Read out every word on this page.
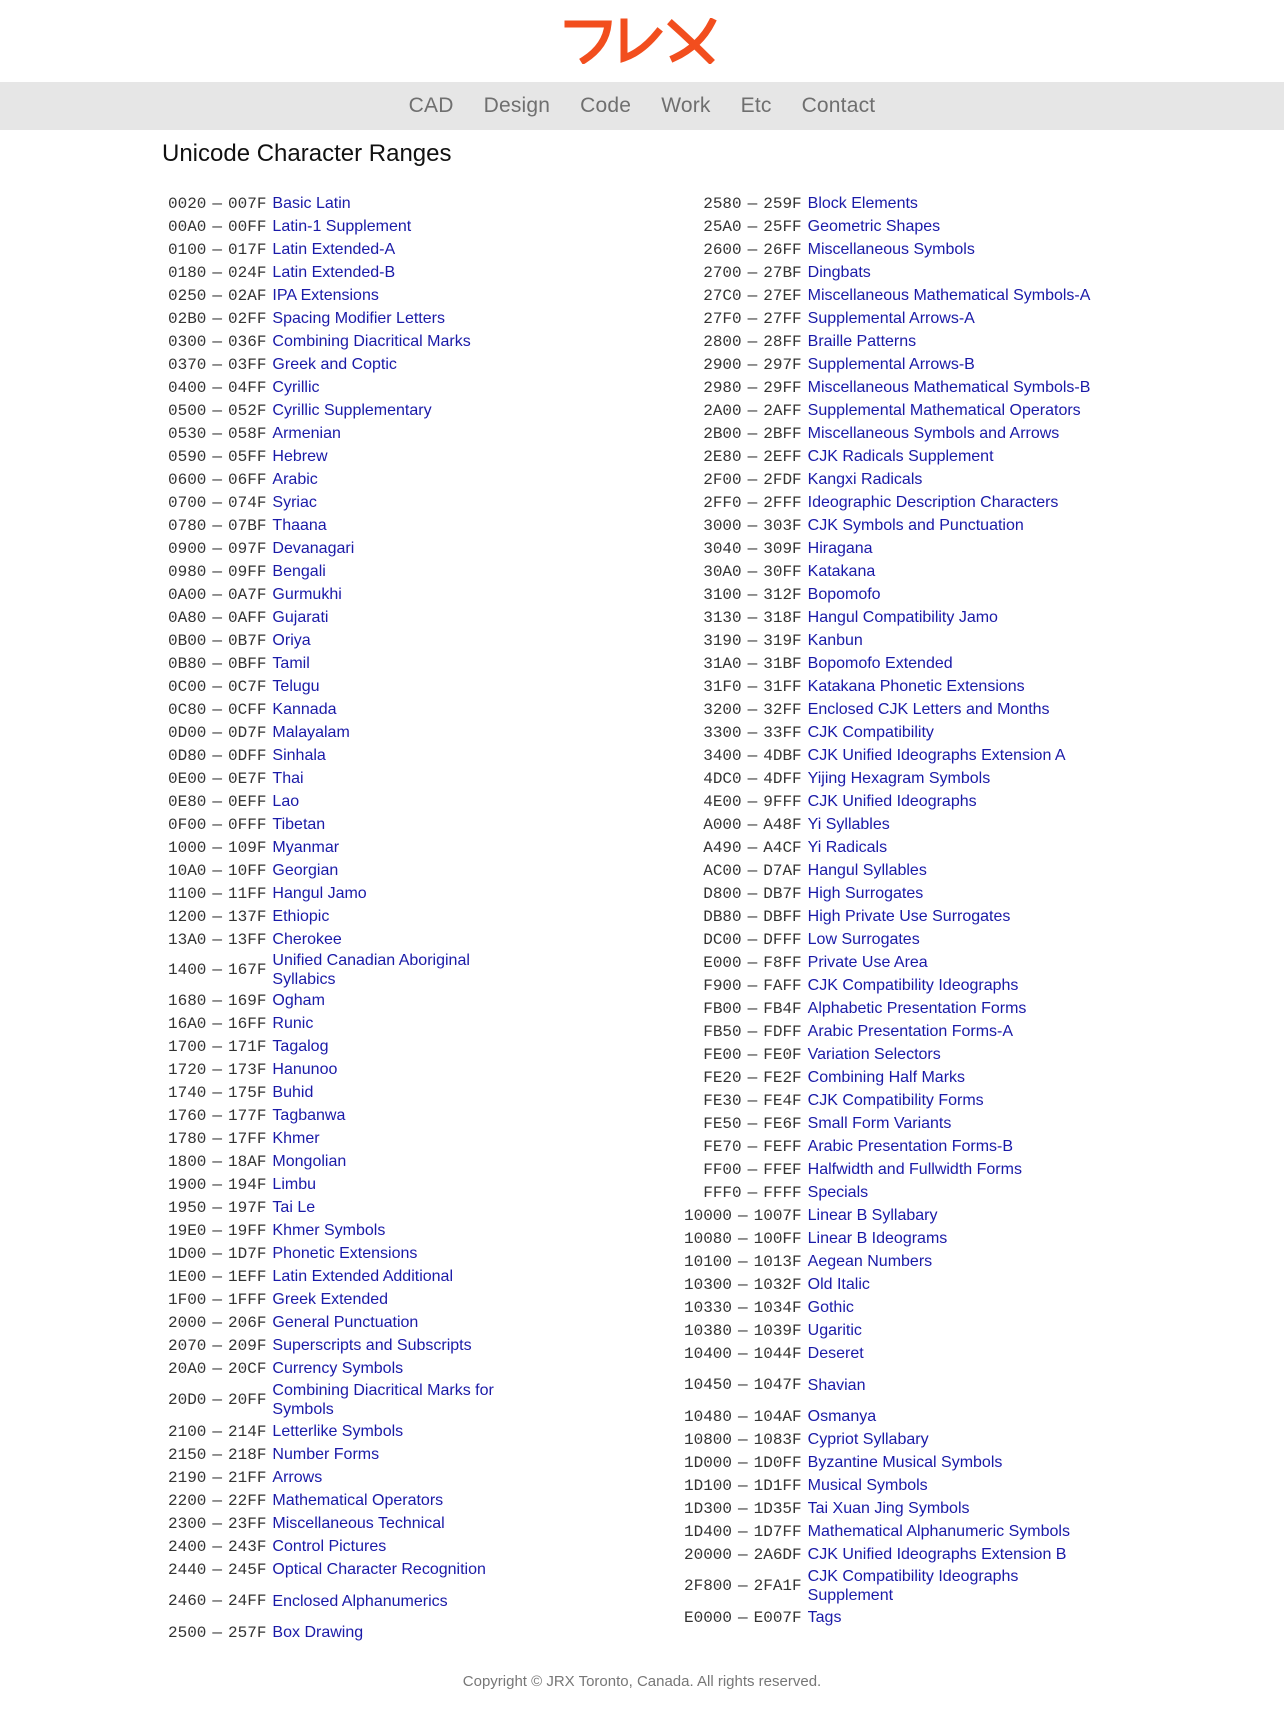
CAD Design Code Work Etc Contact
Unicode Character Ranges
0020 — 007F	Basic Latin
00A0 — 00FF	Latin-1 Supplement
0100 — 017F	Latin Extended-A
0180 — 024F	Latin Extended-B
0250 — 02AF	IPA Extensions
02B0 — 02FF	Spacing Modifier Letters
0300 — 036F	Combining Diacritical Marks
0370 — 03FF	Greek and Coptic
0400 — 04FF	Cyrillic
0500 — 052F	Cyrillic Supplementary
0530 — 058F	Armenian
0590 — 05FF	Hebrew
0600 — 06FF	Arabic
0700 — 074F	Syriac
0780 — 07BF	Thaana
0900 — 097F	Devanagari
0980 — 09FF	Bengali
0A00 — 0A7F	Gurmukhi
0A80 — 0AFF	Gujarati
0B00 — 0B7F	Oriya
0B80 — 0BFF	Tamil
0C00 — 0C7F	Telugu
0C80 — 0CFF	Kannada
0D00 — 0D7F	Malayalam
0D80 — 0DFF	Sinhala
0E00 — 0E7F	Thai
0E80 — 0EFF	Lao
0F00 — 0FFF	Tibetan
1000 — 109F	Myanmar
10A0 — 10FF	Georgian
1100 — 11FF	Hangul Jamo
1200 — 137F	Ethiopic
13A0 — 13FF	Cherokee
1400 — 167F	Unified Canadian Aboriginal Syllabics
1680 — 169F	Ogham
16A0 — 16FF	Runic
1700 — 171F	Tagalog
1720 — 173F	Hanunoo
1740 — 175F	Buhid
1760 — 177F	Tagbanwa
1780 — 17FF	Khmer
1800 — 18AF	Mongolian
1900 — 194F	Limbu
1950 — 197F	Tai Le
19E0 — 19FF	Khmer Symbols
1D00 — 1D7F	Phonetic Extensions
1E00 — 1EFF	Latin Extended Additional
1F00 — 1FFF	Greek Extended
2000 — 206F	General Punctuation
2070 — 209F	Superscripts and Subscripts
20A0 — 20CF	Currency Symbols
20D0 — 20FF	Combining Diacritical Marks for Symbols
2100 — 214F	Letterlike Symbols
2150 — 218F	Number Forms
2190 — 21FF	Arrows
2200 — 22FF	Mathematical Operators
2300 — 23FF	Miscellaneous Technical
2400 — 243F	Control Pictures
2440 — 245F	Optical Character Recognition
2460 — 24FF	Enclosed Alphanumerics
2500 — 257F	Box Drawing
2580 — 259F	Block Elements
25A0 — 25FF	Geometric Shapes
2600 — 26FF	Miscellaneous Symbols
2700 — 27BF	Dingbats
27C0 — 27EF	Miscellaneous Mathematical Symbols-A
27F0 — 27FF	Supplemental Arrows-A
2800 — 28FF	Braille Patterns
2900 — 297F	Supplemental Arrows-B
2980 — 29FF	Miscellaneous Mathematical Symbols-B
2A00 — 2AFF	Supplemental Mathematical Operators
2B00 — 2BFF	Miscellaneous Symbols and Arrows
2E80 — 2EFF	CJK Radicals Supplement
2F00 — 2FDF	Kangxi Radicals
2FF0 — 2FFF	Ideographic Description Characters
3000 — 303F	CJK Symbols and Punctuation
3040 — 309F	Hiragana
30A0 — 30FF	Katakana
3100 — 312F	Bopomofo
3130 — 318F	Hangul Compatibility Jamo
3190 — 319F	Kanbun
31A0 — 31BF	Bopomofo Extended
31F0 — 31FF	Katakana Phonetic Extensions
3200 — 32FF	Enclosed CJK Letters and Months
3300 — 33FF	CJK Compatibility
3400 — 4DBF	CJK Unified Ideographs Extension A
4DC0 — 4DFF	Yijing Hexagram Symbols
4E00 — 9FFF	CJK Unified Ideographs
A000 — A48F	Yi Syllables
A490 — A4CF	Yi Radicals
AC00 — D7AF	Hangul Syllables
D800 — DB7F	High Surrogates
DB80 — DBFF	High Private Use Surrogates
DC00 — DFFF	Low Surrogates
E000 — F8FF	Private Use Area
F900 — FAFF	CJK Compatibility Ideographs
FB00 — FB4F	Alphabetic Presentation Forms
FB50 — FDFF	Arabic Presentation Forms-A
FE00 — FE0F	Variation Selectors
FE20 — FE2F	Combining Half Marks
FE30 — FE4F	CJK Compatibility Forms
FE50 — FE6F	Small Form Variants
FE70 — FEFF	Arabic Presentation Forms-B
FF00 — FFEF	Halfwidth and Fullwidth Forms
FFF0 — FFFF	Specials
10000 — 1007F	Linear B Syllabary
10080 — 100FF	Linear B Ideograms
10100 — 1013F	Aegean Numbers
10300 — 1032F	Old Italic
10330 — 1034F	Gothic
10380 — 1039F	Ugaritic
10400 — 1044F	Deseret
10450 — 1047F	Shavian
10480 — 104AF	Osmanya
10800 — 1083F	Cypriot Syllabary
1D000 — 1D0FF	Byzantine Musical Symbols
1D100 — 1D1FF	Musical Symbols
1D300 — 1D35F	Tai Xuan Jing Symbols
1D400 — 1D7FF	Mathematical Alphanumeric Symbols
20000 — 2A6DF	CJK Unified Ideographs Extension B
2F800 — 2FA1F	CJK Compatibility Ideographs Supplement
E0000 — E007F	Tags
Copyright © JRX Toronto, Canada. All rights reserved.
